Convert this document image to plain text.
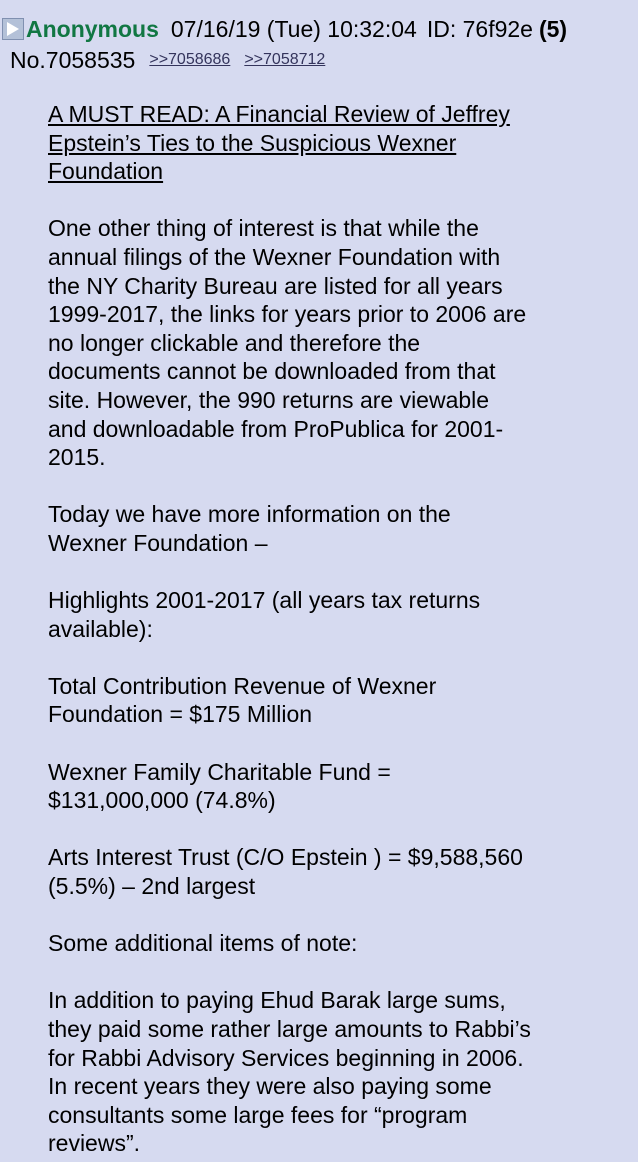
Anonymous 07/16/19 (Tue) 10:32:04 ID: 76f92e (5)
No.7058535 >>7058686 >>7058712

A MUST READ: A Financial Review of Jeffrey
Epstein’s Ties to the Suspicious Wexner
Foundation

One other thing of interest is that while the
annual filings of the Wexner Foundation with
the NY Charity Bureau are listed for all years
1999-2017, the links for years prior to 2006 are
no longer clickable and therefore the
documents cannot be downloaded from that
site. However, the 990 returns are viewable
and downloadable from ProPublica for 2001-
2015.

Today we have more information on the
Wexner Foundation –

Highlights 2001-2017 (all years tax returns
available):

Total Contribution Revenue of Wexner
Foundation = $175 Million

Wexner Family Charitable Fund =
$131,000,000 (74.8%)

Arts Interest Trust (C/O Epstein ) = $9,588,560
(5.5%) – 2nd largest

Some additional items of note:

In addition to paying Ehud Barak large sums,
they paid some rather large amounts to Rabbi’s
for Rabbi Advisory Services beginning in 2006.
In recent years they were also paying some
consultants some large fees for “program
reviews”.
